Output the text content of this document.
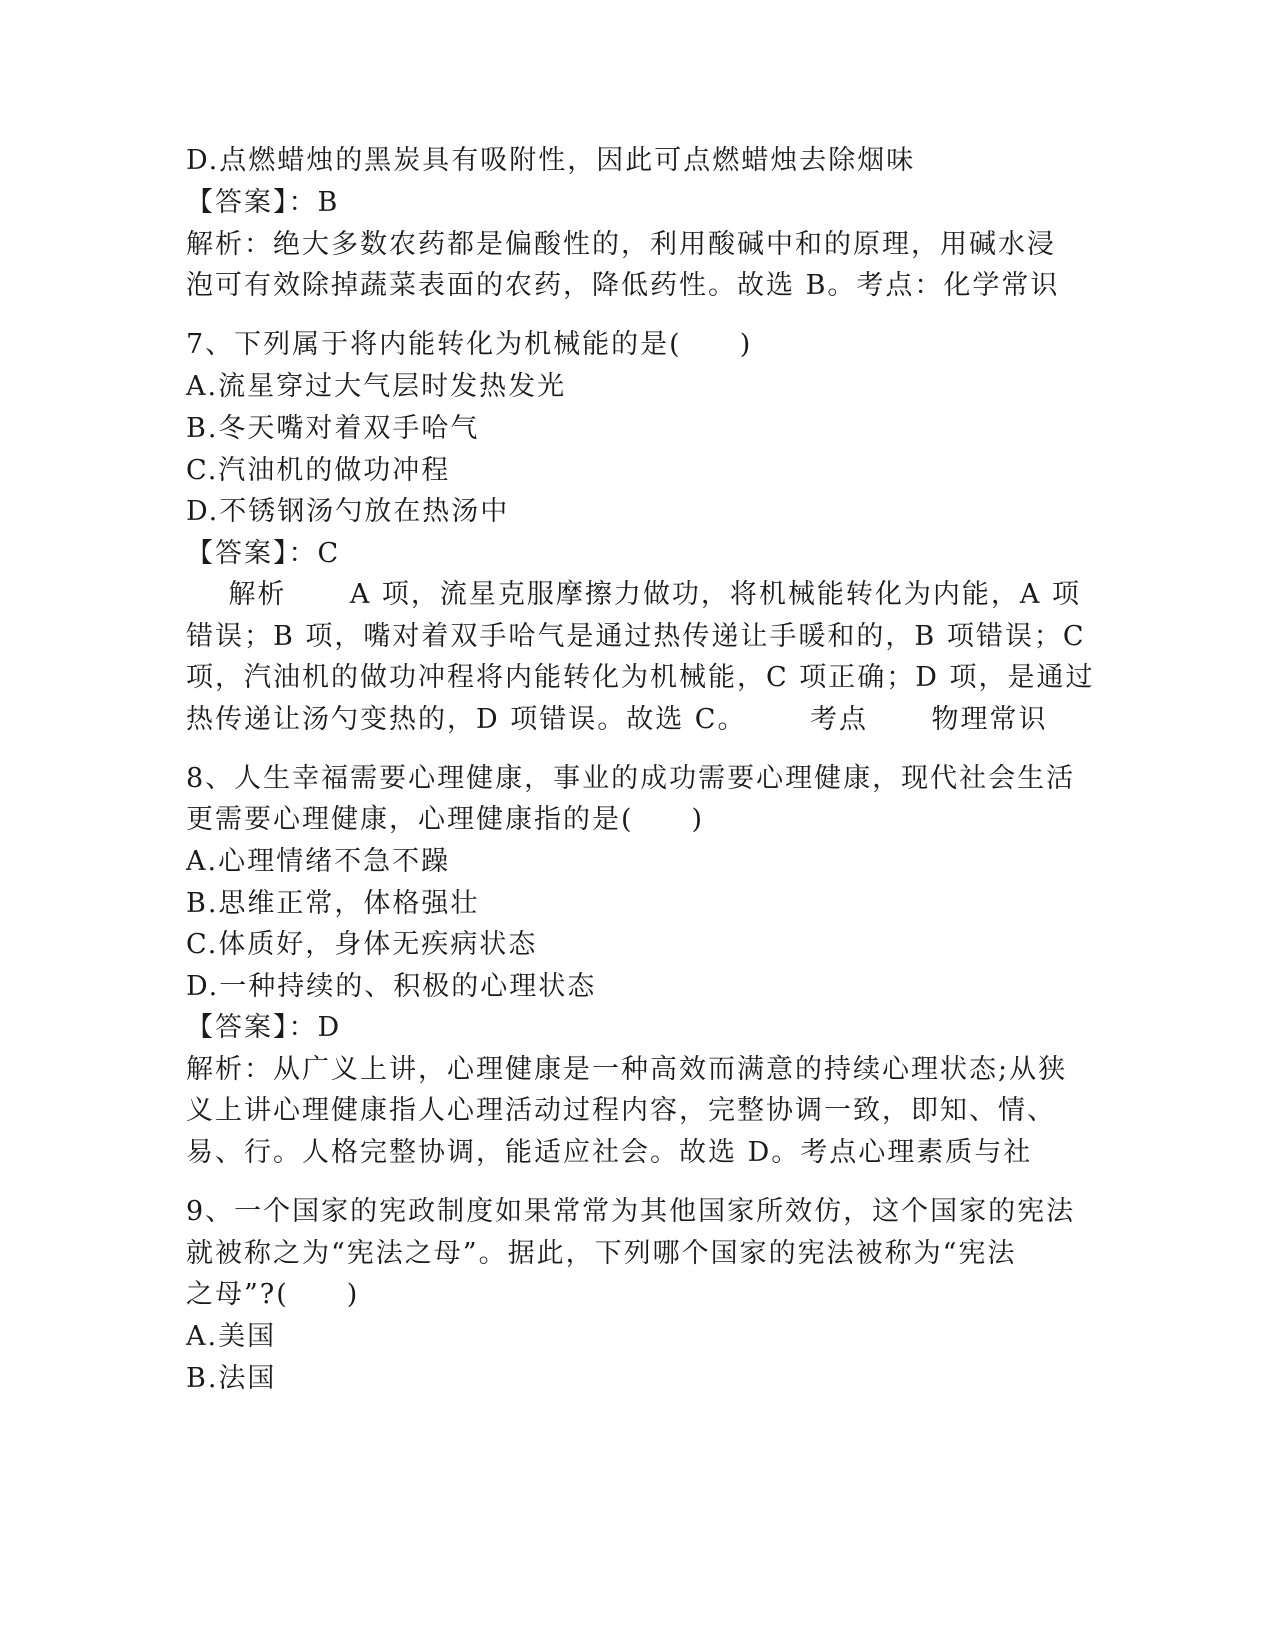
D.点燃蜡烛的黑炭具有吸附性，因此可点燃蜡烛去除烟味
【答案】：B
解析：绝大多数农药都是偏酸性的，利用酸碱中和的原理，用碱水浸
泡可有效除掉蔬菜表面的农药，降低药性。故选 B。考点：化学常识
7、下列属于将内能转化为机械能的是(　　)
A.流星穿过大气层时发热发光
B.冬天嘴对着双手哈气
C.汽油机的做功冲程
D.不锈钢汤勺放在热汤中
【答案】：C
解析      A 项，流星克服摩擦力做功，将机械能转化为内能，A 项
错误；B 项，嘴对着双手哈气是通过热传递让手暖和的，B 项错误；C
项，汽油机的做功冲程将内能转化为机械能，C 项正确；D 项，是通过
热传递让汤勺变热的，D 项错误。故选 C。      考点      物理常识
8、人生幸福需要心理健康，事业的成功需要心理健康，现代社会生活
更需要心理健康，心理健康指的是(　　)
A.心理情绪不急不躁
B.思维正常，体格强壮
C.体质好，身体无疾病状态
D.一种持续的、积极的心理状态
【答案】：D
解析：从广义上讲，心理健康是一种高效而满意的持续心理状态;从狭
义上讲心理健康指人心理活动过程内容，完整协调一致，即知、情、
易、行。人格完整协调，能适应社会。故选 D。考点心理素质与社
9、一个国家的宪政制度如果常常为其他国家所效仿，这个国家的宪法
就被称之为“宪法之母”。据此，下列哪个国家的宪法被称为“宪法
之母”?(　　)
A.美国
B.法国
